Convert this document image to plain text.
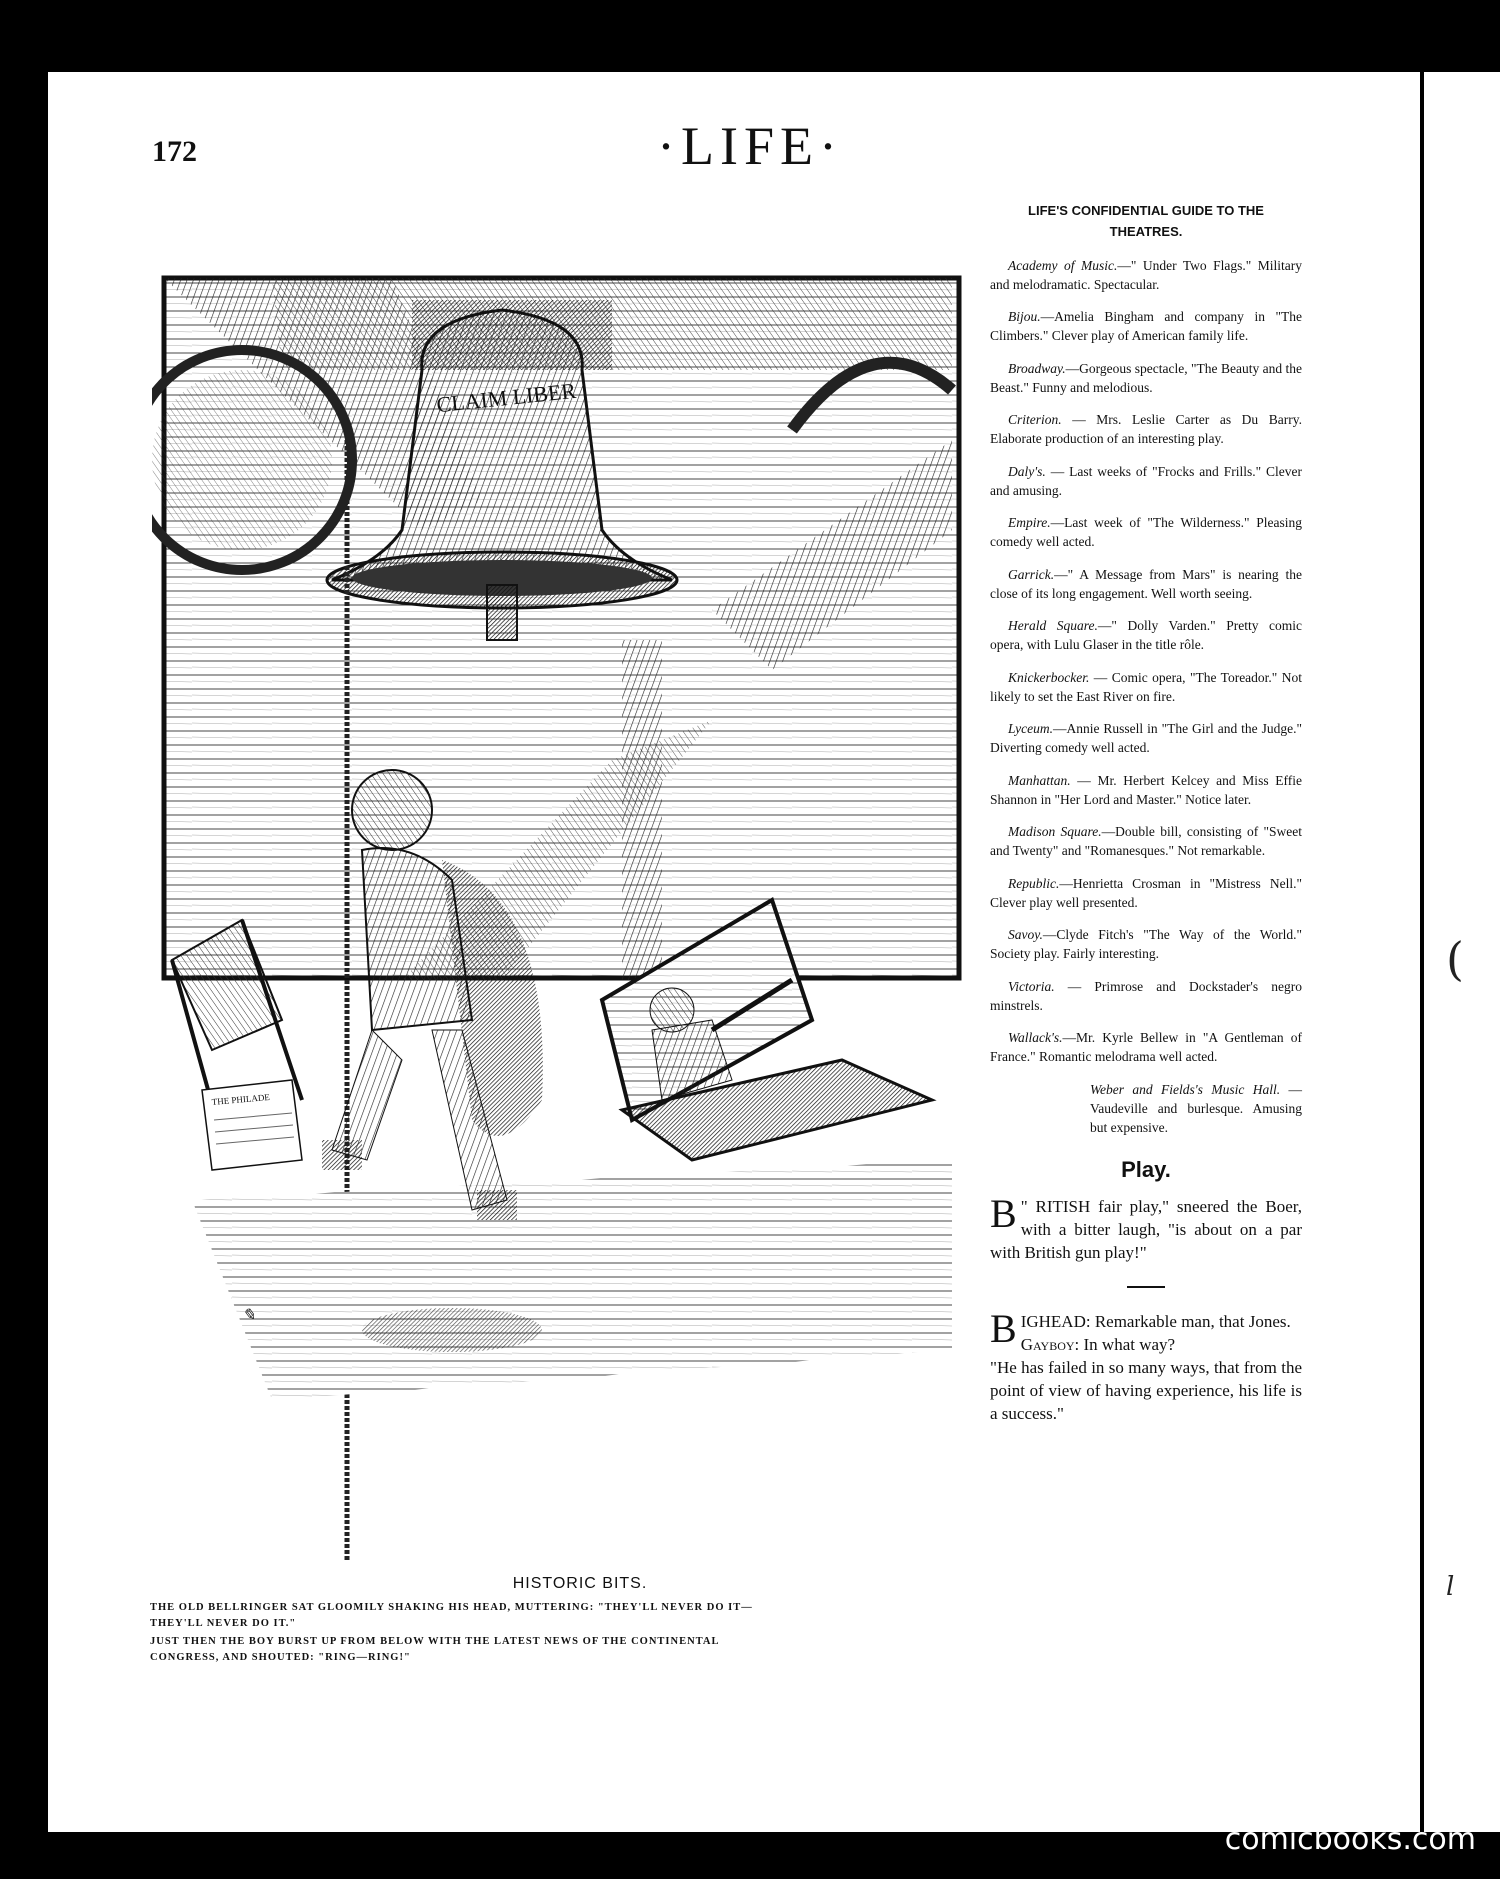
(
l
172	·LIFE·
CLAIM LIBER
THE PHILADE
✎
HISTORIC BITS.
THE OLD BELLRINGER SAT GLOOMILY SHAKING HIS HEAD, MUTTERING: "THEY'LL NEVER DO IT—
THEY'LL NEVER DO IT."
JUST THEN THE BOY BURST UP FROM BELOW WITH THE LATEST NEWS OF THE CONTINENTAL
CONGRESS, AND SHOUTED: "RING—RING!"
LIFE'S CONFIDENTIAL GUIDE TO THE THEATRES.

Academy of Music.—" Under Two Flags." Military and melodramatic. Spectacular.

Bijou.—Amelia Bingham and company in "The Climbers." Clever play of American family life.

Broadway.—Gorgeous spectacle, "The Beauty and the Beast." Funny and melodious.

Criterion. — Mrs. Leslie Carter as Du Barry. Elaborate production of an interesting play.

Daly's. — Last weeks of "Frocks and Frills." Clever and amusing.

Empire.—Last week of "The Wilderness." Pleasing comedy well acted.

Garrick.—" A Message from Mars" is nearing the close of its long engagement. Well worth seeing.

Herald Square.—" Dolly Varden." Pretty comic opera, with Lulu Glaser in the title rôle.

Knickerbocker. — Comic opera, "The Toreador." Not likely to set the East River on fire.

Lyceum.—Annie Russell in "The Girl and the Judge." Diverting comedy well acted.

Manhattan. — Mr. Herbert Kelcey and Miss Effie Shannon in "Her Lord and Master." Notice later.

Madison Square.—Double bill, consisting of "Sweet and Twenty" and "Romanesques." Not remarkable.

Republic.—Henrietta Crosman in "Mistress Nell." Clever play well presented.

Savoy.—Clyde Fitch's "The Way of the World." Society play. Fairly interesting.

Victoria. — Primrose and Dockstader's negro minstrels.

Wallack's.—Mr. Kyrle Bellew in "A Gentleman of France." Romantic melodrama well acted.

Weber and Fields's Music Hall. — Vaudeville and burlesque. Amusing but expensive.

Play.

"
B RITISH fair play," sneered the Boer, with a bitter laugh, "is about on a par with British gun play!"

BIGHEAD: Remarkable man, that Jones.
Gayboy: In what way?
"He has failed in so many ways, that from the point of view of having experience, his life is a success."

comicbooks.com
